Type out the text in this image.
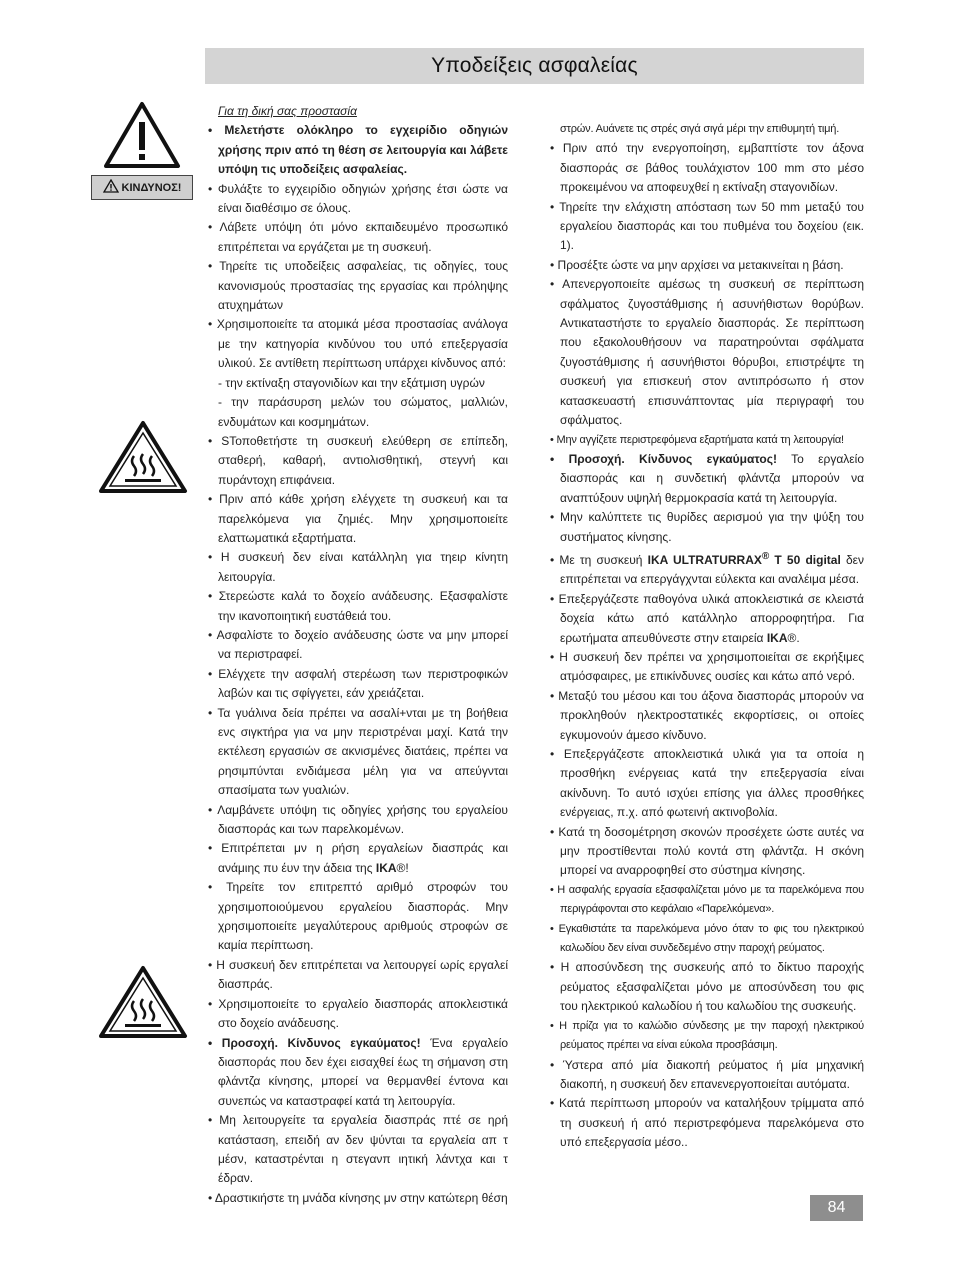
Υποδείξεις ασφαλείας
ΚΙΝΔΥΝΟΣ!

Για τη δική σας προστασία

• Μελετήστε ολόκληρο το εγχειρίδιο οδηγιών χρήσης πριν από τη θέση σε λειτουργία και λάβετε υπόψη τις υποδείξεις ασφαλείας.

• Φυλάξτε το εγχειρίδιο οδηγιών χρήσης έτσι ώστε να είναι διαθέσιμο σε όλους.

• Λάβετε υπόψη ότι μόνο εκπαιδευμένο προσωπικό επιτρέπεται να εργάζεται με τη συσκευή.

• Τηρείτε τις υποδείξεις ασφαλείας, τις οδηγίες, τους κανονισμούς προστασίας της εργασίας και πρόληψης ατυχημάτων

• Χρησιμοποιείτε τα ατομικά μέσα προστασίας ανάλογα με την κατηγορία κινδύνου του υπό επεξεργασία υλικού. Σε αντίθετη περίπτωση υπάρχει κίνδυνος από:

- την εκτίναξη σταγονιδίων και την εξάτμιση υγρών

- την παράσυρση μελών του σώματος, μαλλιών, ενδυμάτων και κοσμημάτων.

• SΤοποθετήστε τη συσκευή ελεύθερη σε επίπεδη, σταθερή, καθαρή, αντιολισθητική, στεγνή και πυράντοχη επιφάνεια.

• Πριν από κάθε χρήση ελέγχετε τη συσκευή και τα παρελκόμενα για ζημιές. Μην χρησιμοποιείτε ελαττωματικά εξαρτήματα.

• Η συσκευή δεν είναι κατάλληλη για τηειρ κίνητη λειτουργία.

• Στερεώστε καλά το δοχείο ανάδευσης. Εξασφαλίστε την ικανοποιητική ευστάθειά του.

• Ασφαλίστε το δοχείο ανάδευσης ώστε να μην μπορεί να περιστραφεί.

• Ελέγχετε την ασφαλή στερέωση των περιστροφικών λαβών και τις σφίγγετει, εάν χρειάζεται.

• Τα γυάλινα δεία πρέπει να ασαλί+νται με τη βοήθεια ενς σιγκτήρα για να μην περιστρέναι μαχί. Κατά την εκτέλεση εργασιών σε ακνισμένες διατάεις, πρέπει να ρησιμπύνται ενδιάμεσα μέλη για να απεύγνται σπασίματα των γυαλιών.

• Λαμβάνετε υπόψη τις οδηγίες χρήσης του εργαλείου διασποράς και των παρελκομένων.

• Επιτρέπεται μν η ρήση εργαλείων διασπράς και ανάμιης πυ έυν την άδεια της IKA®!

• Τηρείτε τον επιτρεπτό αριθμό στροφών του χρησιμοποιούμενου εργαλείου διασποράς. Μην χρησιμοποιείτε μεγαλύτερους αριθμούς στροφών σε καμία περίπτωση.

• Η συσκευή δεν επιτρέπεται να λειτουργεί ωρίς εργαλεί διασπράς.

• Χρησιμοποιείτε το εργαλείο διασποράς αποκλειστικά στο δοχείο ανάδευσης.

• Προσοχή. Κίνδυνος εγκαύματος! Ένα εργαλείο διασποράς που δεν έχει εισαχθεί έως τη σήμανση στη φλάντζα κίνησης, μπορεί να θερμανθεί έντονα και συνεπώς να καταστραφεί κατά τη λειτουργία.

• Μη λειτουργείτε τα εργαλεία διασπράς πτέ σε ηρή κατάσταση, επειδή αν δεν ψύνται τα εργαλεία απ τ μέσν, καταστρένται η στεγανπ ιητική λάντχα και τ έδραν.

• Δραστικιήστε τη μνάδα κίνησης μν στην κατώτερη θέση

στρών. Αυάνετε τις στρές σιγά σιγά μέρι την επιθυμητή τιμή.

• Πριν από την ενεργοποίηση, εμβαπτίστε τον άξονα διασποράς σε βάθος τουλάχιστον 100 mm στο μέσο προκειμένου να αποφευχθεί η εκτίναξη σταγονιδίων.

• Τηρείτε την ελάχιστη απόσταση των 50 mm μεταξύ του εργαλείου διασποράς και του πυθμένα του δοχείου (εικ. 1).

• Προσέξτε ώστε να μην αρχίσει να μετακινείται η βάση.

• Απενεργοποιείτε αμέσως τη συσκευή σε περίπτωση σφάλματος ζυγοστάθμισης ή ασυνήθιστων θορύβων. Αντικαταστήστε το εργαλείο διασποράς. Σε περίπτωση που εξακολουθήσουν να παρατηρούνται σφάλματα ζυγοστάθμισης ή ασυνήθιστοι θόρυβοι, επιστρέψτε τη συσκευή για επισκευή στον αντιπρόσωπο ή στον κατασκευαστή επισυνάπτοντας μία περιγραφή του σφάλματος.

• Μην αγγίζετε περιστρεφόμενα εξαρτήματα κατά τη λειτουργία!

• Προσοχή. Κίνδυνος εγκαύματος! Το εργαλείο διασποράς και η συνδετική φλάντζα μπορούν να αναπτύξουν υψηλή θερμοκρασία κατά τη λειτουργία.

• Μην καλύπτετε τις θυρίδες αερισμού για την ψύξη του συστήματος κίνησης.

• Με τη συσκευή IKA ULTRATURRAX® T 50 digital δεν επιτρέπεται να επεργάγχνται εύλεκτα και αναλέιμα μέσα.

• Επεξεργάζεστε παθογόνα υλικά αποκλειστικά σε κλειστά δοχεία κάτω από κατάλληλο απορροφητήρα. Για ερωτήματα απευθύνεστε στην εταιρεία IKA®.

• Η συσκευή δεν πρέπει να χρησιμοποιείται σε εκρήξιμες ατμόσφαιρες, με επικίνδυνες ουσίες και κάτω από νερό.

• Μεταξύ του μέσου και του άξονα διασποράς μπορούν να προκληθούν ηλεκτροστατικές εκφορτίσεις, οι οποίες εγκυμονούν άμεσο κίνδυνο.

• Επεξεργάζεστε αποκλειστικά υλικά για τα οποία η προσθήκη ενέργειας κατά την επεξεργασία είναι ακίνδυνη. Το αυτό ισχύει επίσης για άλλες προσθήκες ενέργειας, π.χ. από φωτεινή ακτινοβολία.

• Κατά τη δοσομέτρηση σκονών προσέχετε ώστε αυτές να μην προστίθενται πολύ κοντά στη φλάντζα. Η σκόνη μπορεί να αναρροφηθεί στο σύστημα κίνησης.

• Η ασφαλής εργασία εξασφαλίζεται μόνο με τα παρελκόμενα που περιγράφονται στο κεφάλαιο «Παρελκόμενα».

• Εγκαθιστάτε τα παρελκόμενα μόνο όταν το φις του ηλεκτρικού καλωδίου δεν είναι συνδεδεμένο στην παροχή ρεύματος.

• Η αποσύνδεση της συσκευής από το δίκτυο παροχής ρεύματος εξασφαλίζεται μόνο με αποσύνδεση του φις του ηλεκτρικού καλωδίου ή του καλωδίου της συσκευής.

• Η πρίζα για το καλώδιο σύνδεσης με την παροχή ηλεκτρικού ρεύματος πρέπει να είναι εύκολα προσβάσιμη.

• Ύστερα από μία διακοπή ρεύματος ή μία μηχανική διακοπή, η συσκευή δεν επανενεργοποιείται αυτόματα.

• Κατά περίπτωση μπορούν να καταλήξουν τρίμματα από τη συσκευή ή από περιστρεφόμενα παρελκόμενα στο υπό επεξεργασία μέσο..

84
